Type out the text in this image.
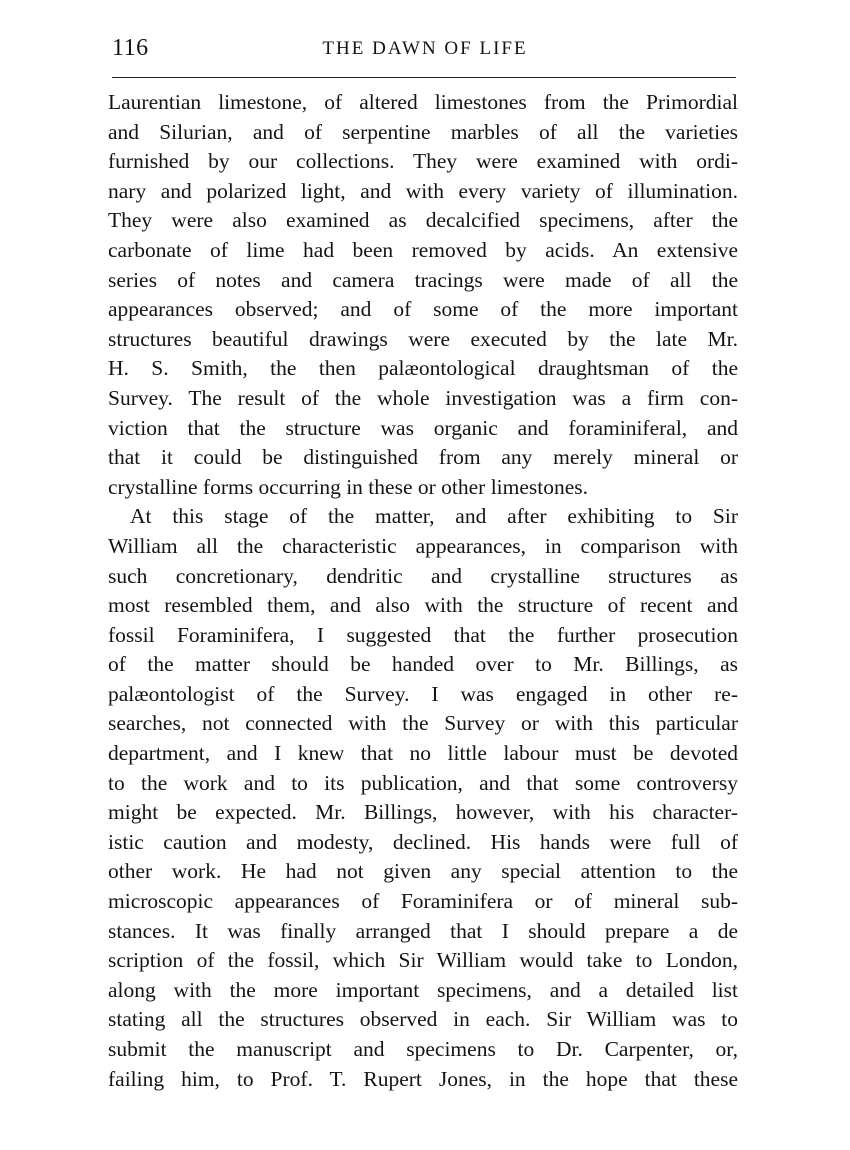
116	THE DAWN OF LIFE
Laurentian limestone, of altered limestones from the Primordial
and Silurian, and of serpentine marbles of all the varieties
furnished by our collections. They were examined with ordi-
nary and polarized light, and with every variety of illumination.
They were also examined as decalcified specimens, after the
carbonate of lime had been removed by acids. An extensive
series of notes and camera tracings were made of all the
appearances observed; and of some of the more important
structures beautiful drawings were executed by the late Mr.
H. S. Smith, the then palæontological draughtsman of the
Survey. The result of the whole investigation was a firm con-
viction that the structure was organic and foraminiferal, and
that it could be distinguished from any merely mineral or
crystalline forms occurring in these or other limestones.
At this stage of the matter, and after exhibiting to Sir
William all the characteristic appearances, in comparison with
such concretionary, dendritic and crystalline structures as
most resembled them, and also with the structure of recent and
fossil Foraminifera, I suggested that the further prosecution
of the matter should be handed over to Mr. Billings, as
palæontologist of the Survey. I was engaged in other re-
searches, not connected with the Survey or with this particular
department, and I knew that no little labour must be devoted
to the work and to its publication, and that some controversy
might be expected. Mr. Billings, however, with his character-
istic caution and modesty, declined. His hands were full of
other work. He had not given any special attention to the
microscopic appearances of Foraminifera or of mineral sub-
stances. It was finally arranged that I should prepare a de
scription of the fossil, which Sir William would take to London,
along with the more important specimens, and a detailed list
stating all the structures observed in each. Sir William was to
submit the manuscript and specimens to Dr. Carpenter, or,
failing him, to Prof. T. Rupert Jones, in the hope that these
